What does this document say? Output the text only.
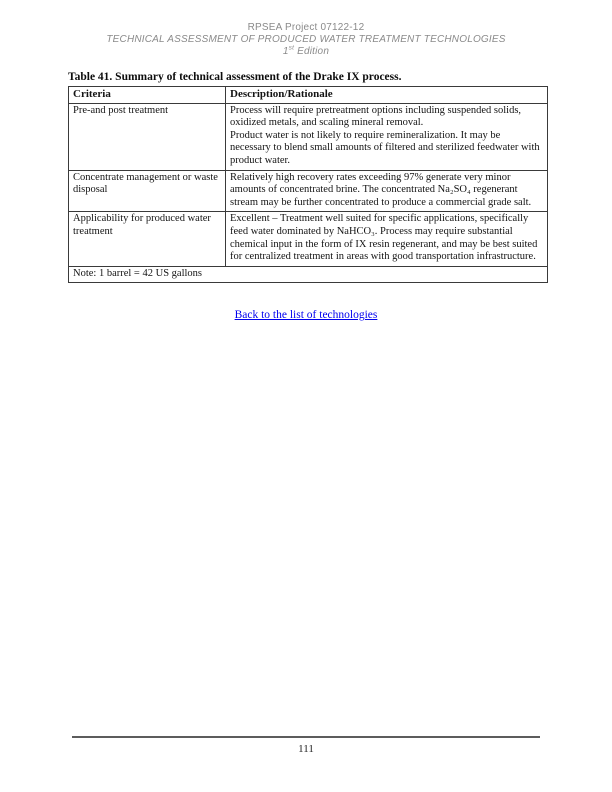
RPSEA Project 07122-12
TECHNICAL ASSESSMENT OF PRODUCED WATER TREATMENT TECHNOLOGIES
1st Edition
Table 41. Summary of technical assessment of the Drake IX process.
Criteria	Description/Rationale
Pre-and post treatment	Process will require pretreatment options including suspended solids, oxidized metals, and scaling mineral removal.
Product water is not likely to require remineralization. It may be necessary to blend small amounts of filtered and sterilized feedwater with product water.

Concentrate management or waste disposal	Relatively high recovery rates exceeding 97% generate very minor amounts of concentrated brine. The concentrated Na₂SO₄ regenerant stream may be further concentrated to produce a commercial grade salt.

Applicability for produced water treatment	Excellent – Treatment well suited for specific applications, specifically feed water dominated by NaHCO₃. Process may require substantial chemical input in the form of IX resin regenerant, and may be best suited for centralized treatment in areas with good transportation infrastructure.

Note: 1 barrel = 42 US gallons	
Back to the list of technologies
111
